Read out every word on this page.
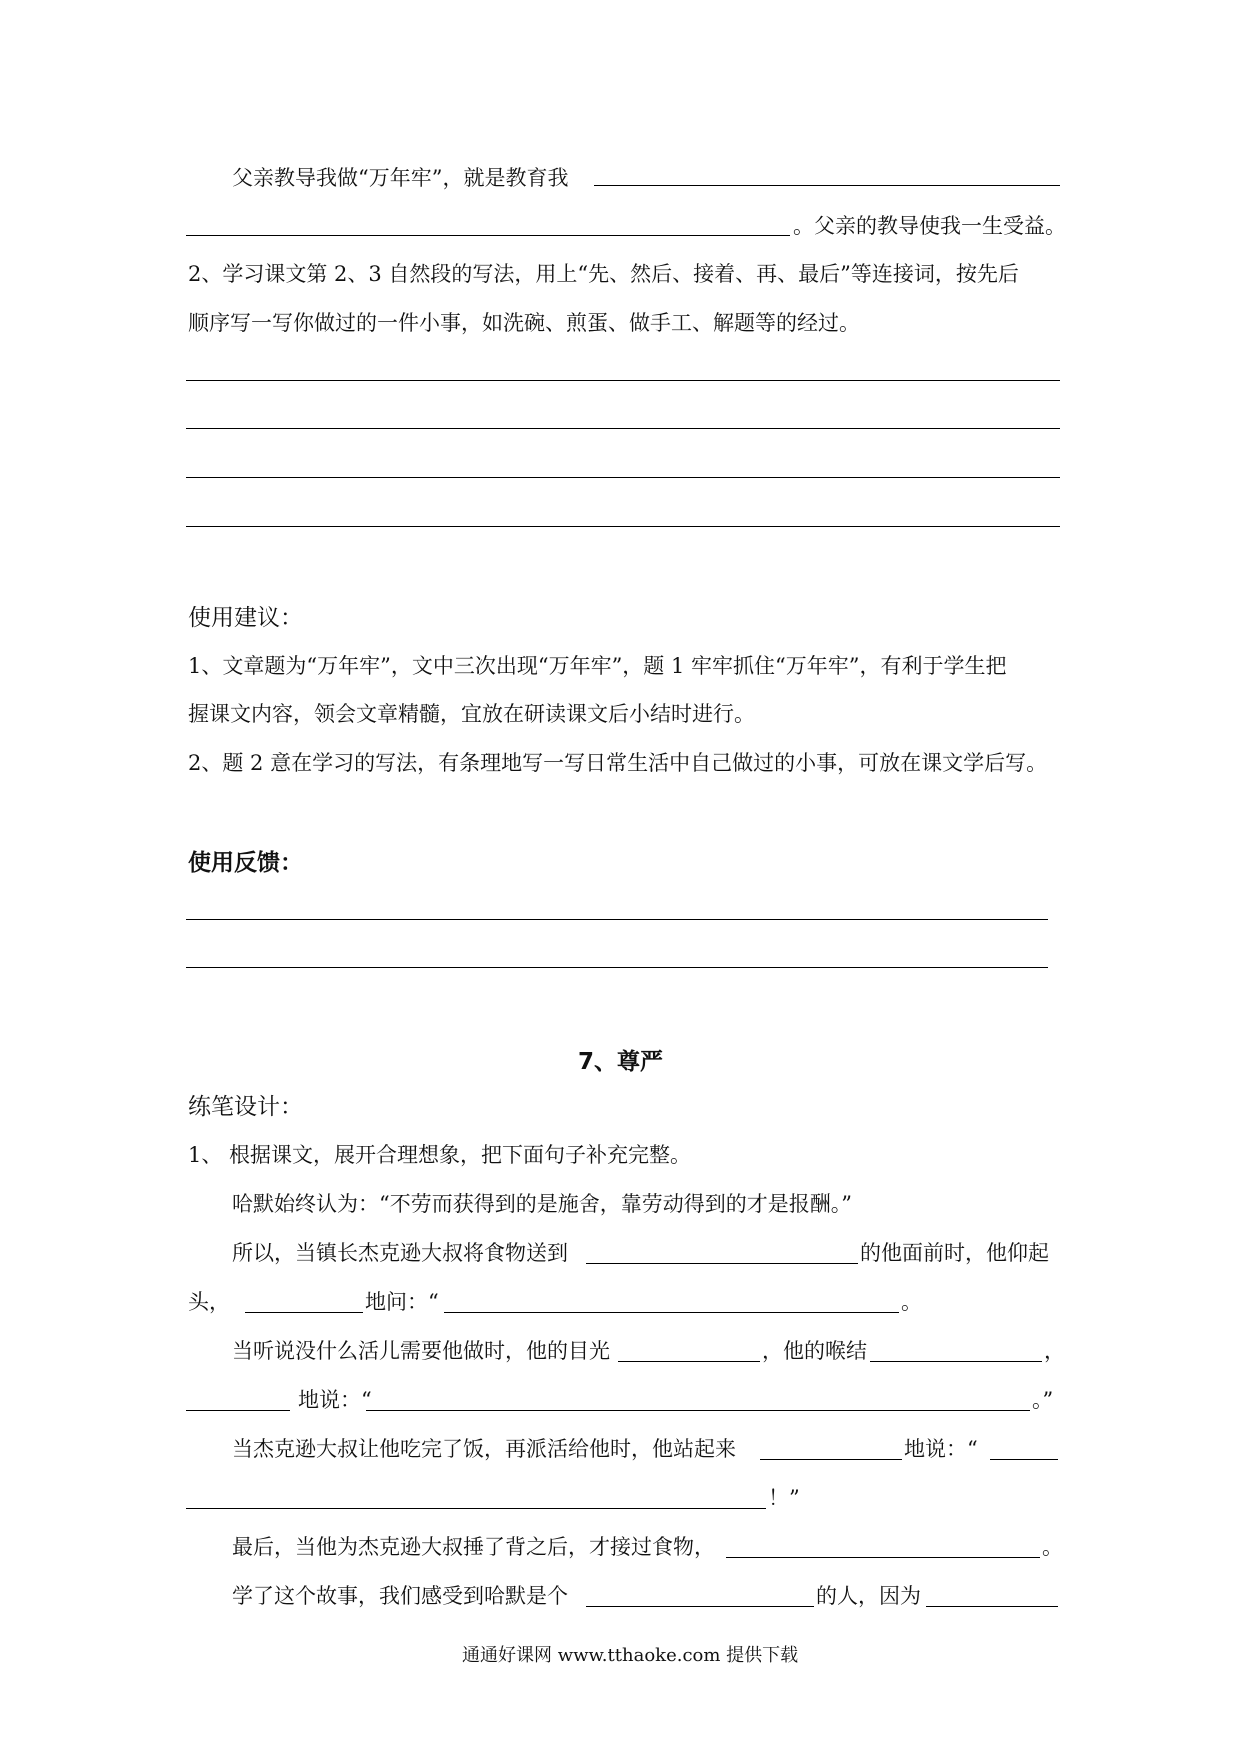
父亲教导我做“万年牢”，就是教育我
。父亲的教导使我一生受益。
2、学习课文第 2、3 自然段的写法，用上“先、然后、接着、再、最后”等连接词，按先后
顺序写一写你做过的一件小事，如洗碗、煎蛋、做手工、解题等的经过。
使用建议：
1、文章题为“万年牢”，文中三次出现“万年牢”，题 1 牢牢抓住“万年牢”，有利于学生把
握课文内容，领会文章精髓，宜放在研读课文后小结时进行。
2、题 2 意在学习的写法，有条理地写一写日常生活中自己做过的小事，可放在课文学后写。
使用反馈：
7、尊严
练笔设计：
1、 根据课文，展开合理想象，把下面句子补充完整。
哈默始终认为：“不劳而获得到的是施舍，靠劳动得到的才是报酬。”
所以，当镇长杰克逊大叔将食物送到	的他面前时，他仰起
头，	地问：“	。
当听说没什么活儿需要他做时，他的目光	，他的喉结	，
地说：“	。”
当杰克逊大叔让他吃完了饭，再派活给他时，他站起来	地说：“
！”
最后，当他为杰克逊大叔捶了背之后，才接过食物，	。
学了这个故事，我们感受到哈默是个	的人，因为
通通好课网 www.tthaoke.com 提供下载
